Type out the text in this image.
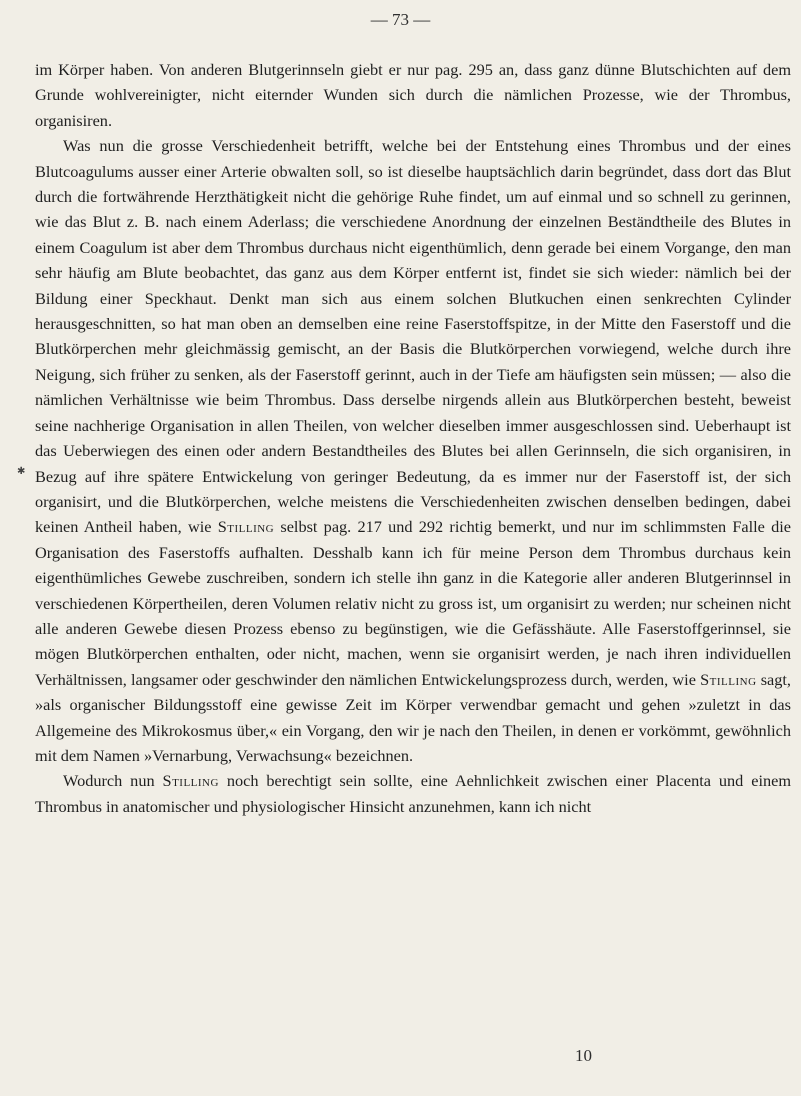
— 73 —

im Körper haben. Von anderen Blutgerinnseln giebt er nur pag. 295 an, dass ganz dünne Blutschichten auf dem Grunde wohlvereinigter, nicht eiternder Wunden sich durch die nämlichen Prozesse, wie der Thrombus, organisiren.

Was nun die grosse Verschiedenheit betrifft, welche bei der Entstehung eines Thrombus und der eines Blutcoagulums ausser einer Arterie obwalten soll, so ist dieselbe hauptsächlich darin begründet, dass dort das Blut durch die fortwährende Herzthätigkeit nicht die gehörige Ruhe findet, um auf einmal und so schnell zu gerinnen, wie das Blut z. B. nach einem Aderlass; die verschiedene Anordnung der einzelnen Beständtheile des Blutes in einem Coagulum ist aber dem Thrombus durchaus nicht eigenthümlich, denn gerade bei einem Vorgange, den man sehr häufig am Blute beobachtet, das ganz aus dem Körper entfernt ist, findet sie sich wieder: nämlich bei der Bildung einer Speckhaut. Denkt man sich aus einem solchen Blutkuchen einen senkrechten Cylinder herausgeschnitten, so hat man oben an demselben eine reine Faserstoffspitze, in der Mitte den Faserstoff und die Blutkörperchen mehr gleichmässig gemischt, an der Basis die Blutkörperchen vorwiegend, welche durch ihre Neigung, sich früher zu senken, als der Faserstoff gerinnt, auch in der Tiefe am häufigsten sein müssen; — also die nämlichen Verhältnisse wie beim Thrombus. Dass derselbe nirgends allein aus Blutkörperchen besteht, beweist seine nachherige Organisation in allen Theilen, von welcher dieselben immer ausgeschlossen sind. Ueberhaupt ist das Ueberwiegen des einen oder andern Bestandtheiles des Blutes bei allen Gerinnseln, die sich organisiren, in Bezug auf ihre spätere Entwickelung von geringer Bedeutung, da es immer nur der Faserstoff ist, der sich organisirt, und die Blutkörperchen, welche meistens die Verschiedenheiten zwischen denselben bedingen, dabei keinen Antheil haben, wie Stilling selbst pag. 217 und 292 richtig bemerkt, und nur im schlimmsten Falle die Organisation des Faserstoffs aufhalten. Desshalb kann ich für meine Person dem Thrombus durchaus kein eigenthümliches Gewebe zuschreiben, sondern ich stelle ihn ganz in die Kategorie aller anderen Blutgerinnsel in verschiedenen Körpertheilen, deren Volumen relativ nicht zu gross ist, um organisirt zu werden; nur scheinen nicht alle anderen Gewebe diesen Prozess ebenso zu begünstigen, wie die Gefässhäute. Alle Faserstoffgerinnsel, sie mögen Blutkörperchen enthalten, oder nicht, machen, wenn sie organisirt werden, je nach ihren individuellen Verhältnissen, langsamer oder geschwinder den nämlichen Entwickelungsprozess durch, werden, wie Stilling sagt, »als organischer Bildungsstoff eine gewisse Zeit im Körper verwendbar gemacht und gehen »zuletzt in das Allgemeine des Mikrokosmus über,« ein Vorgang, den wir je nach den Theilen, in denen er vorkömmt, gewöhnlich mit dem Namen »Vernarbung, Verwachsung« bezeichnen.

Wodurch nun Stilling noch berechtigt sein sollte, eine Aehnlichkeit zwischen einer Placenta und einem Thrombus in anatomischer und physiologischer Hinsicht anzunehmen, kann ich nicht

✱
10
